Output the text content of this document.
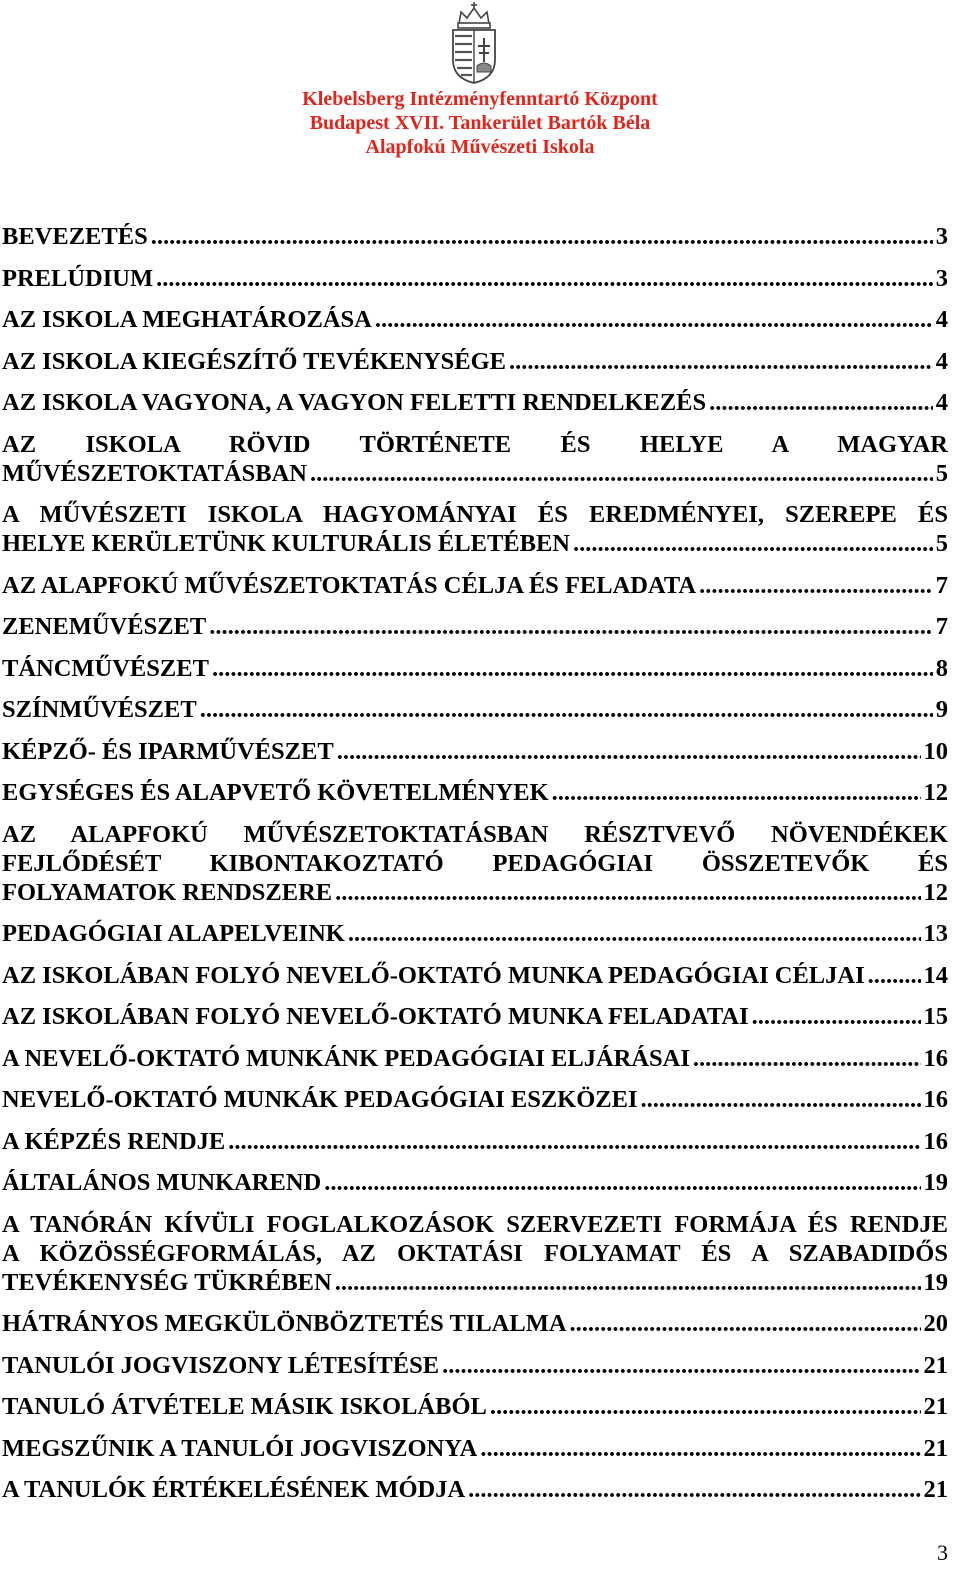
Klebelsberg Intézményfenntartó Központ
Budapest XVII. Tankerület Bartók Béla
Alapfokú Művészeti Iskola
BEVEZETÉS .....	3
PRELÚDIUM .....	3
AZ ISKOLA MEGHATÁROZÁSA .....	4
AZ ISKOLA KIEGÉSZÍTŐ TEVÉKENYSÉGE .....	4
AZ ISKOLA VAGYONA, A VAGYON FELETTI RENDELKEZÉS .....	4
AZ ISKOLA RÖVID TÖRTÉNETE ÉS HELYE A MAGYAR
MŰVÉSZETOKTATÁSBAN .....	5
A MŰVÉSZETI ISKOLA HAGYOMÁNYAI ÉS EREDMÉNYEI, SZEREPE ÉS
HELYE KERÜLETÜNK KULTURÁLIS ÉLETÉBEN .....	5
AZ ALAPFOKÚ MŰVÉSZETOKTATÁS CÉLJA ÉS FELADATA .....	7
ZENEMŰVÉSZET .....	7
TÁNCMŰVÉSZET .....	8
SZÍNMŰVÉSZET .....	9
KÉPZŐ- ÉS IPARMŰVÉSZET .....	10
EGYSÉGES ÉS ALAPVETŐ KÖVETELMÉNYEK .....	12
AZ ALAPFOKÚ MŰVÉSZETOKTATÁSBAN RÉSZTVEVŐ NÖVENDÉKEK
FEJLŐDÉSÉT KIBONTAKOZTATÓ PEDAGÓGIAI ÖSSZETEVŐK ÉS
FOLYAMATOK RENDSZERE .....	12
PEDAGÓGIAI ALAPELVEINK .....	13
AZ ISKOLÁBAN FOLYÓ NEVELŐ-OKTATÓ MUNKA PEDAGÓGIAI CÉLJAI ..... 14
AZ ISKOLÁBAN FOLYÓ NEVELŐ-OKTATÓ MUNKA FELADATAI .....	15
A NEVELŐ-OKTATÓ MUNKÁNK PEDAGÓGIAI ELJÁRÁSAI .....	16
NEVELŐ-OKTATÓ MUNKÁK PEDAGÓGIAI ESZKÖZEI .....	16
A KÉPZÉS RENDJE .....	16
ÁLTALÁNOS MUNKAREND .....	19
A TANÓRÁN KÍVÜLI FOGLALKOZÁSOK SZERVEZETI FORMÁJA ÉS RENDJE
A KÖZÖSSÉGFORMÁLÁS, AZ OKTATÁSI FOLYAMAT ÉS A SZABADIDŐS
TEVÉKENYSÉG TÜKRÉBEN .....	19
HÁTRÁNYOS MEGKÜLÖNBÖZTETÉS TILALMA .....	20
TANULÓI JOGVISZONY LÉTESÍTÉSE .....	21
TANULÓ ÁTVÉTELE MÁSIK ISKOLÁBÓL .....	21
MEGSZŰNIK A TANULÓI JOGVISZONYA .....	21
A TANULÓK ÉRTÉKELÉSÉNEK MÓDJA .....	21
3
